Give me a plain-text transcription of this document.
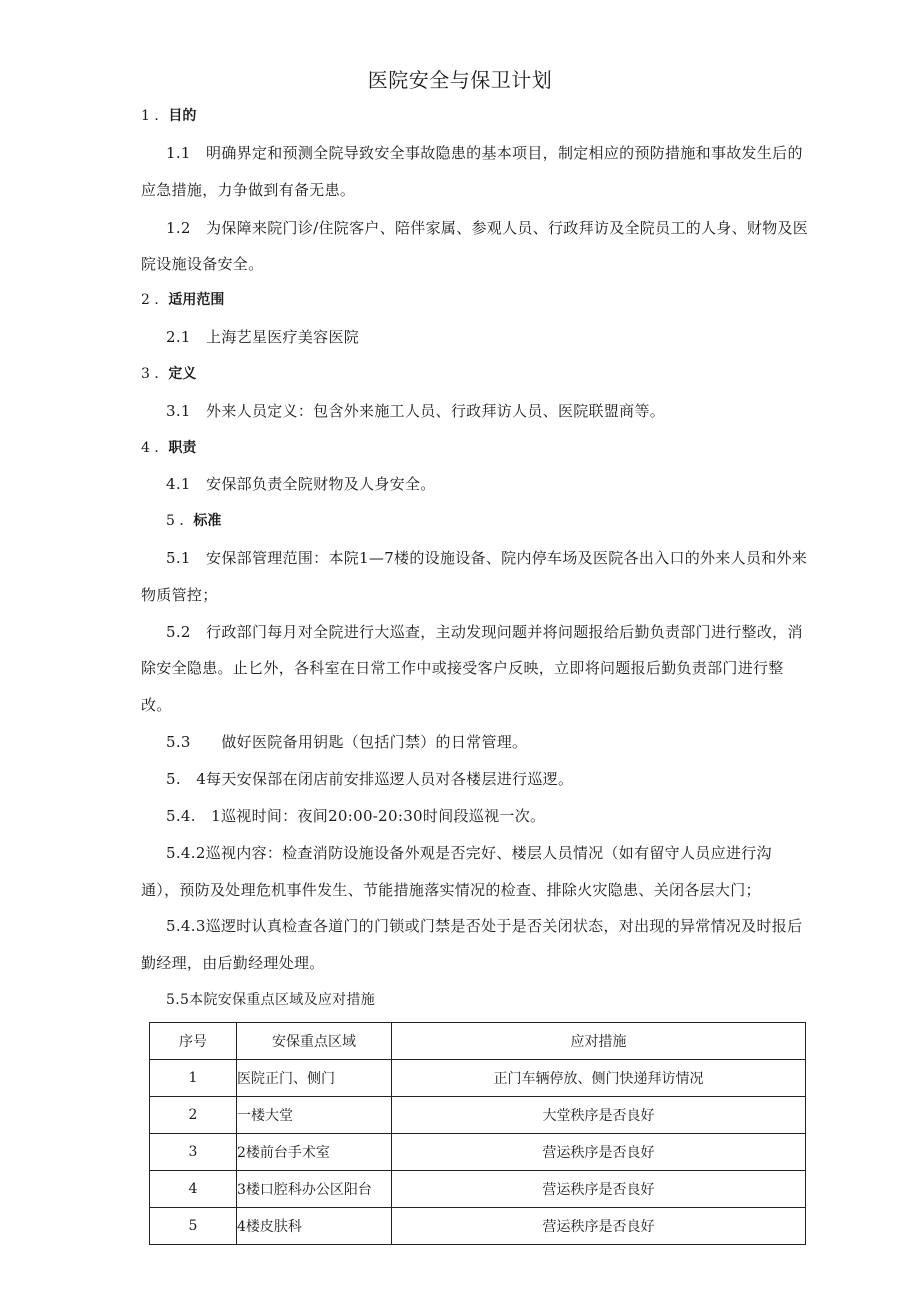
医院安全与保卫计划
1 ．目的
1.1　明确界定和预测全院导致安全事故隐患的基本项目，制定相应的预防措施和事故发生后的
应急措施，力争做到有备无患。
1.2　为保障来院门诊/住院客户、陪伴家属、参观人员、行政拜访及全院员工的人身、财物及医
院设施设备安全。
2 ．适用范围
2.1　上海艺星医疗美容医院
3 ．定义
3.1　外来人员定义：包含外来施工人员、行政拜访人员、医院联盟商等。
4 ．职责
4.1　安保部负责全院财物及人身安全。
5 ．标准
5.1　安保部管理范围：本院1—7楼的设施设备、院内停车场及医院各出入口的外来人员和外来
物质管控；
5.2　行政部门每月对全院进行大巡查，主动发现问题并将问题报给后勤负责部门进行整改，消
除安全隐患。止匕外，各科室在日常工作中或接受客户反映，立即将问题报后勤负责部门进行整
改。
5.3　　做好医院备用钥匙（包括门禁）的日常管理。
5.　4每天安保部在闭店前安排巡逻人员对各楼层进行巡逻。
5.4.　1巡视时间：夜间20:00-20:30时间段巡视一次。
5.4.2巡视内容：检查消防设施设备外观是否完好、楼层人员情况（如有留守人员应进行沟
通），预防及处理危机事件发生、节能措施落实情况的检查、排除火灾隐患、关闭各层大门；
5.4.3巡逻时认真检查各道门的门锁或门禁是否处于是否关闭状态，对出现的异常情况及时报后
勤经理，由后勤经理处理。
5.5本院安保重点区域及应对措施
序号	安保重点区域	应对措施
1	医院正门、侧门	正门车辆停放、侧门快递拜访情况
2	一楼大堂	大堂秩序是否良好
3	2楼前台手术室	营运秩序是否良好
4	3楼口腔科办公区阳台	营运秩序是否良好
5	4楼皮肤科	营运秩序是否良好
